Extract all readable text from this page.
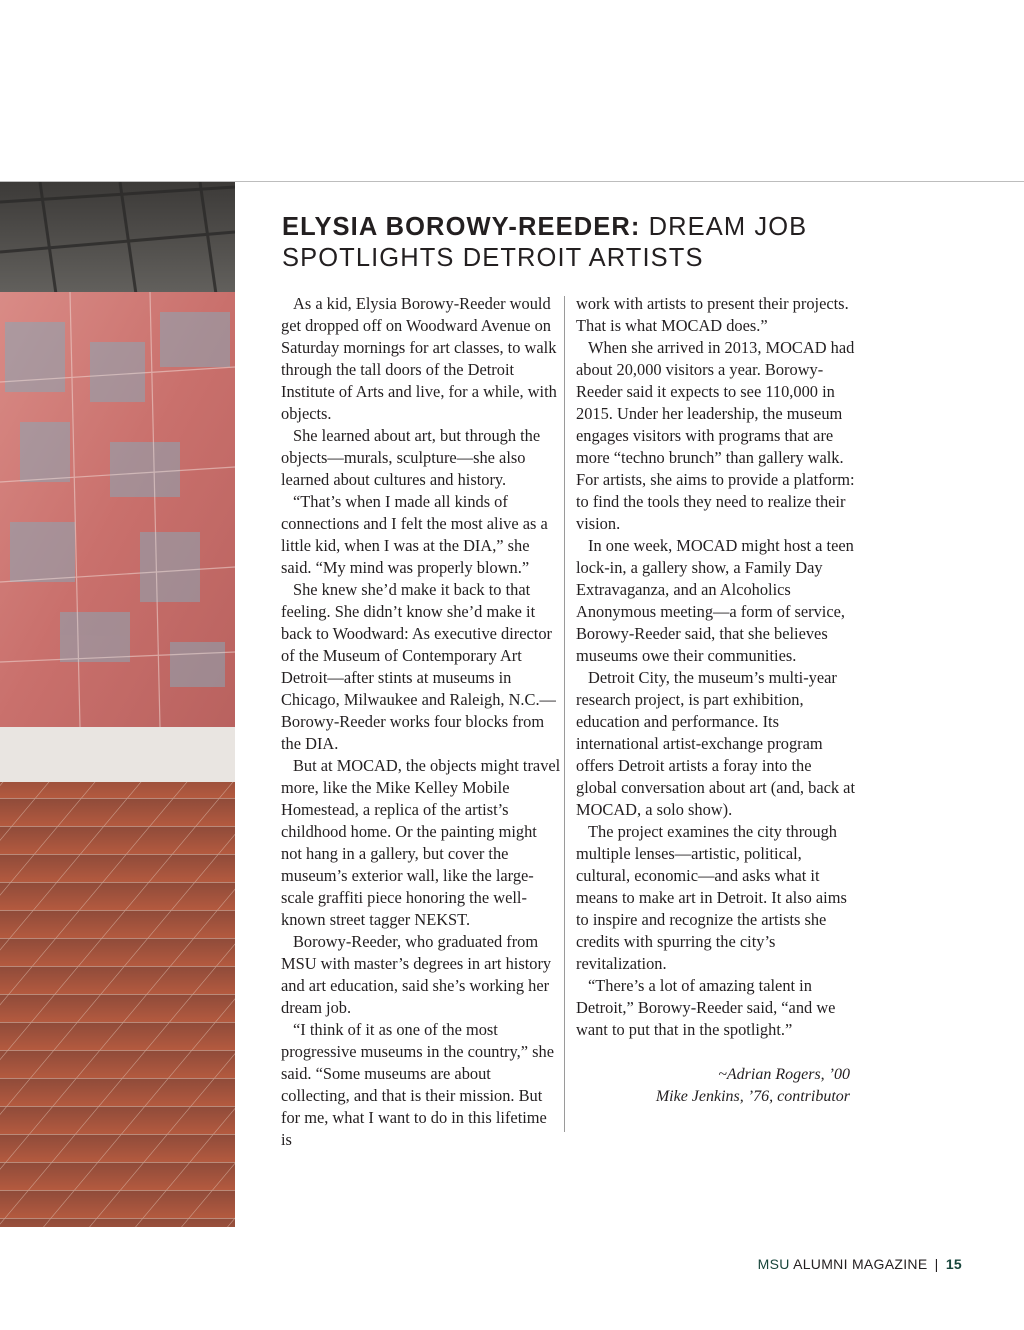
ELYSIA BOROWY-REEDER: DREAM JOB SPOTLIGHTS DETROIT ARTISTS

As a kid, Elysia Borowy-Reeder would get dropped off on Woodward Avenue on Saturday mornings for art classes, to walk through the tall doors of the Detroit Institute of Arts and live, for a while, with objects.

She learned about art, but through the objects—murals, sculpture—she also learned about cultures and history.

“That’s when I made all kinds of connections and I felt the most alive as a little kid, when I was at the DIA,” she said. “My mind was properly blown.”

She knew she’d make it back to that feeling. She didn’t know she’d make it back to Woodward: As executive director of the Museum of Contemporary Art Detroit—after stints at museums in Chicago, Milwaukee and Raleigh, N.C.—Borowy-Reeder works four blocks from the DIA.

But at MOCAD, the objects might travel more, like the Mike Kelley Mobile Homestead, a replica of the artist’s childhood home. Or the painting might not hang in a gallery, but cover the museum’s exterior wall, like the large-scale graffiti piece honoring the well-known street tagger NEKST.

Borowy-Reeder, who graduated from MSU with master’s degrees in art history and art education, said she’s working her dream job.

“I think of it as one of the most progressive museums in the country,” she said. “Some museums are about collecting, and that is their mission. But for me, what I want to do in this lifetime is

work with artists to present their projects. That is what MOCAD does.”

When she arrived in 2013, MOCAD had about 20,000 visitors a year. Borowy-Reeder said it expects to see 110,000 in 2015. Under her leadership, the museum engages visitors with programs that are more “techno brunch” than gallery walk. For artists, she aims to provide a platform: to find the tools they need to realize their vision.

In one week, MOCAD might host a teen lock-in, a gallery show, a Family Day Extravaganza, and an Alcoholics Anonymous meeting—a form of service, Borowy-Reeder said, that she believes museums owe their communities.

Detroit City, the museum’s multi-year research project, is part exhibition, education and performance. Its international artist-exchange program offers Detroit artists a foray into the global conversation about art (and, back at MOCAD, a solo show).

The project examines the city through multiple lenses—artistic, political, cultural, economic—and asks what it means to make art in Detroit. It also aims to inspire and recognize the artists she credits with spurring the city’s revitalization.

“There’s a lot of amazing talent in Detroit,” Borowy-Reeder said, “and we want to put that in the spotlight.”

~Adrian Rogers, ’00
Mike Jenkins, ’76, contributor
MSU ALUMNI MAGAZINE | 15
